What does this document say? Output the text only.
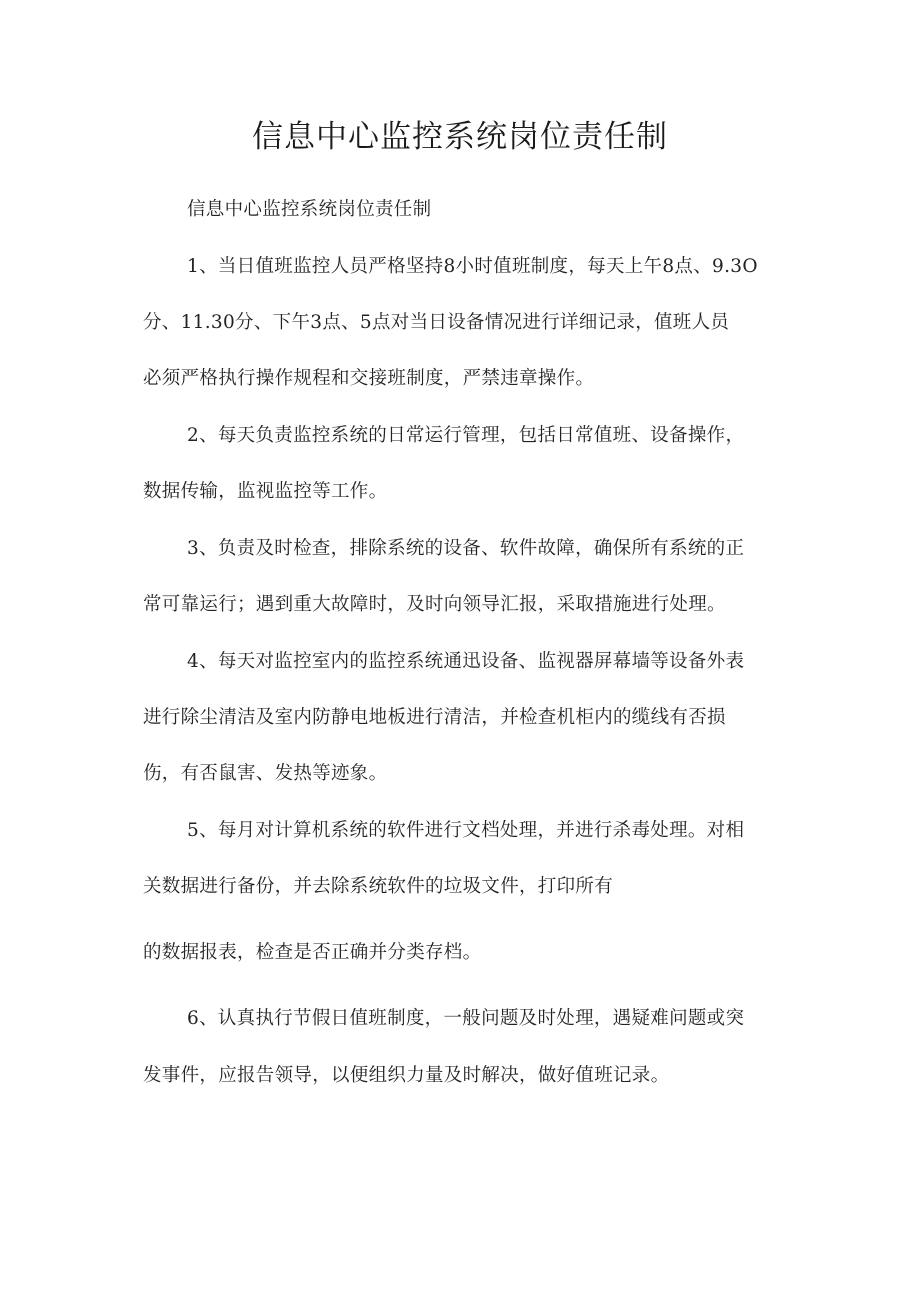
信息中心监控系统岗位责任制
信息中心监控系统岗位责任制
1、当日值班监控人员严格坚持8小时值班制度，每天上午8点、9.3O
分、11.30分、下午3点、5点对当日设备情况进行详细记录，值班人员
必须严格执行操作规程和交接班制度，严禁违章操作。
2、每天负责监控系统的日常运行管理，包括日常值班、设备操作，
数据传输，监视监控等工作。
3、负责及时检查，排除系统的设备、软件故障，确保所有系统的正
常可靠运行；遇到重大故障时，及时向领导汇报，采取措施进行处理。
4、每天对监控室内的监控系统通迅设备、监视器屏幕墙等设备外表
进行除尘清洁及室内防静电地板进行清洁，并检查机柜内的缆线有否损
伤，有否鼠害、发热等迹象。
5、每月对计算机系统的软件进行文档处理，并进行杀毒处理。对相
关数据进行备份，并去除系统软件的垃圾文件，打印所有
的数据报表，检查是否正确并分类存档。
6、认真执行节假日值班制度，一般问题及时处理，遇疑难问题或突
发事件，应报告领导，以便组织力量及时解决，做好值班记录。
